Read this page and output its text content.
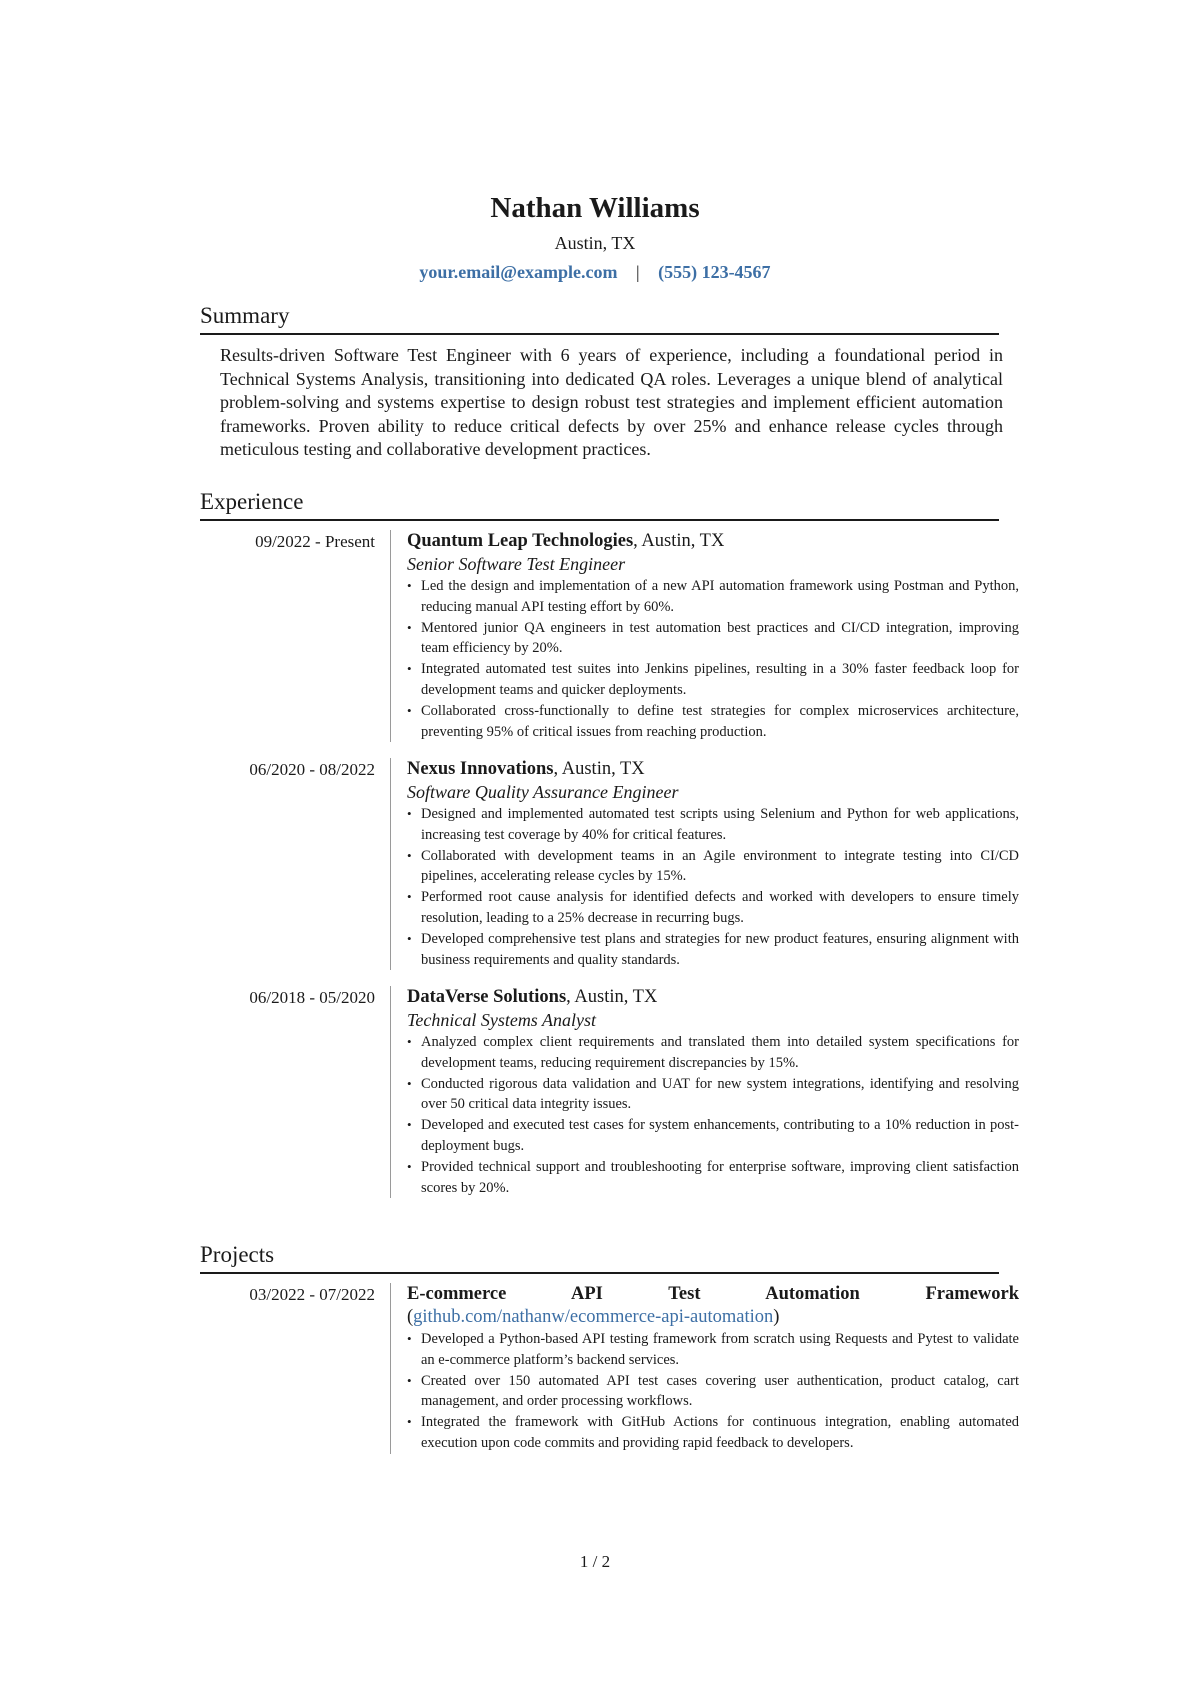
Nathan Williams
Austin, TX
your.email@example.com | (555) 123-4567
Summary
Results-driven Software Test Engineer with 6 years of experience, including a foundational period in Technical Systems Analysis, transitioning into dedicated QA roles. Leverages a unique blend of analytical problem-solving and systems expertise to design robust test strategies and implement efficient automation frameworks. Proven ability to reduce critical defects by over 25% and enhance release cycles through meticulous testing and collaborative development practices.
Experience
09/2022 - Present Quantum Leap Technologies, Austin, TX
Senior Software Test Engineer
• Led the design and implementation of a new API automation framework using Postman and Python, reducing manual API testing effort by 60%.
• Mentored junior QA engineers in test automation best practices and CI/CD integration, improving team efficiency by 20%.
• Integrated automated test suites into Jenkins pipelines, resulting in a 30% faster feedback loop for development teams and quicker deployments.
• Collaborated cross-functionally to define test strategies for complex microservices architecture, preventing 95% of critical issues from reaching production.
06/2020 - 08/2022 Nexus Innovations, Austin, TX
Software Quality Assurance Engineer
• Designed and implemented automated test scripts using Selenium and Python for web applications, increasing test coverage by 40% for critical features.
• Collaborated with development teams in an Agile environment to integrate testing into CI/CD pipelines, accelerating release cycles by 15%.
• Performed root cause analysis for identified defects and worked with developers to ensure timely resolution, leading to a 25% decrease in recurring bugs.
• Developed comprehensive test plans and strategies for new product features, ensuring alignment with business requirements and quality standards.
06/2018 - 05/2020 DataVerse Solutions, Austin, TX
Technical Systems Analyst
• Analyzed complex client requirements and translated them into detailed system specifications for development teams, reducing requirement discrepancies by 15%.
• Conducted rigorous data validation and UAT for new system integrations, identifying and resolving over 50 critical data integrity issues.
• Developed and executed test cases for system enhancements, contributing to a 10% reduction in post-deployment bugs.
• Provided technical support and troubleshooting for enterprise software, improving client satisfaction scores by 20%.
Projects
03/2022 - 07/2022 E-commerce API Test Automation Framework (github.com/nathanw/ecommerce-api-automation)
• Developed a Python-based API testing framework from scratch using Requests and Pytest to validate an e-commerce platform’s backend services.
• Created over 150 automated API test cases covering user authentication, product catalog, cart management, and order processing workflows.
• Integrated the framework with GitHub Actions for continuous integration, enabling automated execution upon code commits and providing rapid feedback to developers.
1 / 2
